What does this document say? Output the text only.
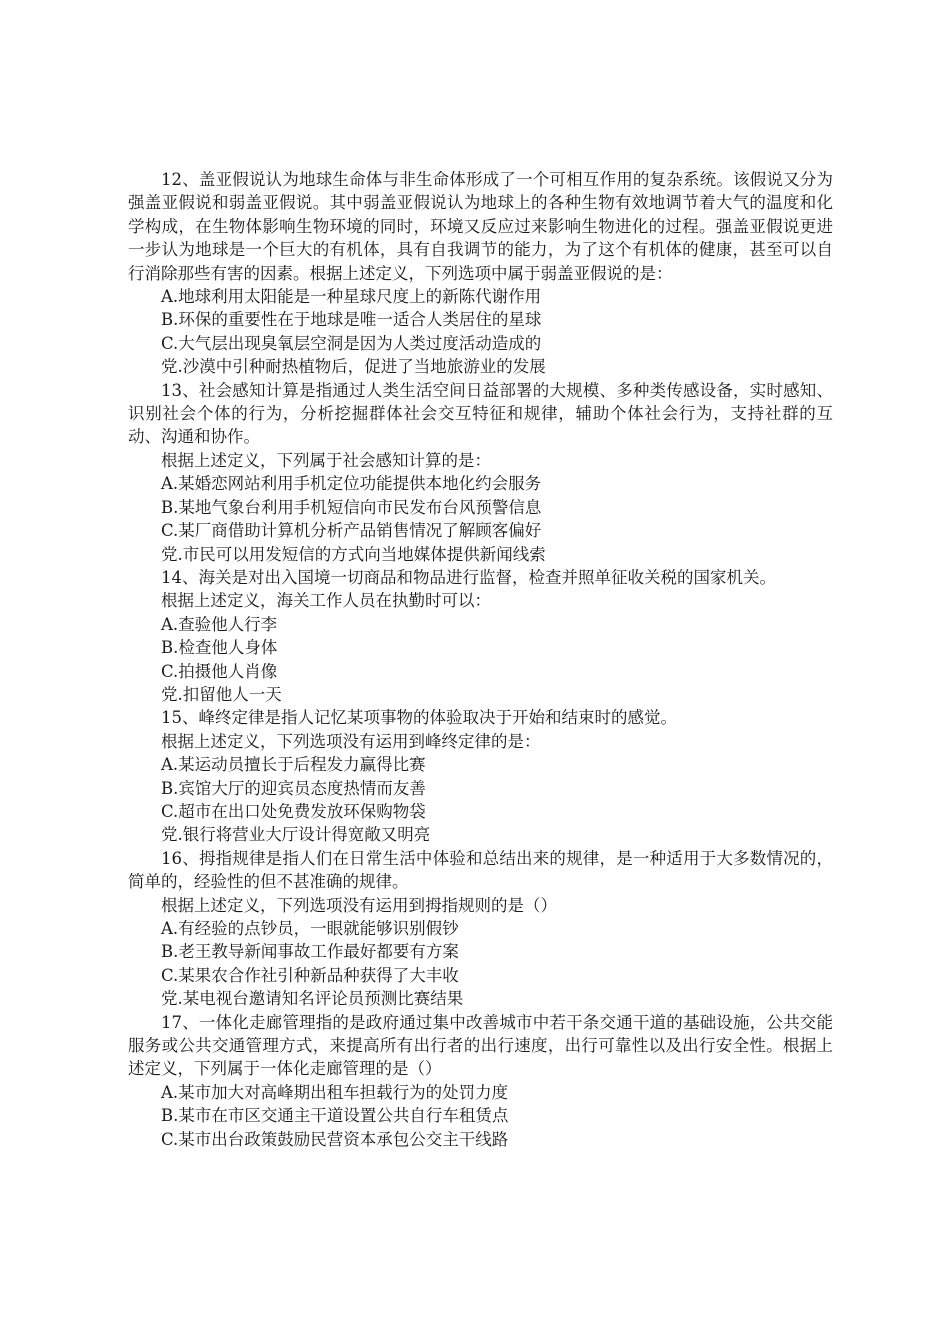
12、盖亚假说认为地球生命体与非生命体形成了一个可相互作用的复杂系统。该假说又分为强盖亚假说和弱盖亚假说。其中弱盖亚假说认为地球上的各种生物有效地调节着大气的温度和化学构成，在生物体影响生物环境的同时，环境又反应过来影响生物进化的过程。强盖亚假说更进一步认为地球是一个巨大的有机体，具有自我调节的能力，为了这个有机体的健康，甚至可以自行消除那些有害的因素。根据上述定义，下列选项中属于弱盖亚假说的是：

A.地球利用太阳能是一种星球尺度上的新陈代谢作用

B.环保的重要性在于地球是唯一适合人类居住的星球

C.大气层出现臭氧层空洞是因为人类过度活动造成的

党.沙漠中引种耐热植物后，促进了当地旅游业的发展

13、社会感知计算是指通过人类生活空间日益部署的大规模、多种类传感设备，实时感知、识别社会个体的行为，分析挖掘群体社会交互特征和规律，辅助个体社会行为，支持社群的互动、沟通和协作。

根据上述定义，下列属于社会感知计算的是：

A.某婚恋网站利用手机定位功能提供本地化约会服务

B.某地气象台利用手机短信向市民发布台风预警信息

C.某厂商借助计算机分析产品销售情况了解顾客偏好

党.市民可以用发短信的方式向当地媒体提供新闻线索

14、海关是对出入国境一切商品和物品进行监督，检查并照单征收关税的国家机关。

根据上述定义，海关工作人员在执勤时可以：

A.查验他人行李

B.检查他人身体

C.拍摄他人肖像

党.扣留他人一天

15、峰终定律是指人记忆某项事物的体验取决于开始和结束时的感觉。

根据上述定义，下列选项没有运用到峰终定律的是：

A.某运动员擅长于后程发力赢得比赛

B.宾馆大厅的迎宾员态度热情而友善

C.超市在出口处免费发放环保购物袋

党.银行将营业大厅设计得宽敞又明亮

16、拇指规律是指人们在日常生活中体验和总结出来的规律，是一种适用于大多数情况的，简单的，经验性的但不甚准确的规律。

根据上述定义，下列选项没有运用到拇指规则的是（）

A.有经验的点钞员，一眼就能够识别假钞

B.老王教导新闻事故工作最好都要有方案

C.某果农合作社引种新品种获得了大丰收

党.某电视台邀请知名评论员预测比赛结果

17、一体化走廊管理指的是政府通过集中改善城市中若干条交通干道的基础设施，公共交能服务或公共交通管理方式，来提高所有出行者的出行速度，出行可靠性以及出行安全性。根据上述定义，下列属于一体化走廊管理的是（）

A.某市加大对高峰期出租车担载行为的处罚力度

B.某市在市区交通主干道设置公共自行车租赁点

C.某市出台政策鼓励民营资本承包公交主干线路
